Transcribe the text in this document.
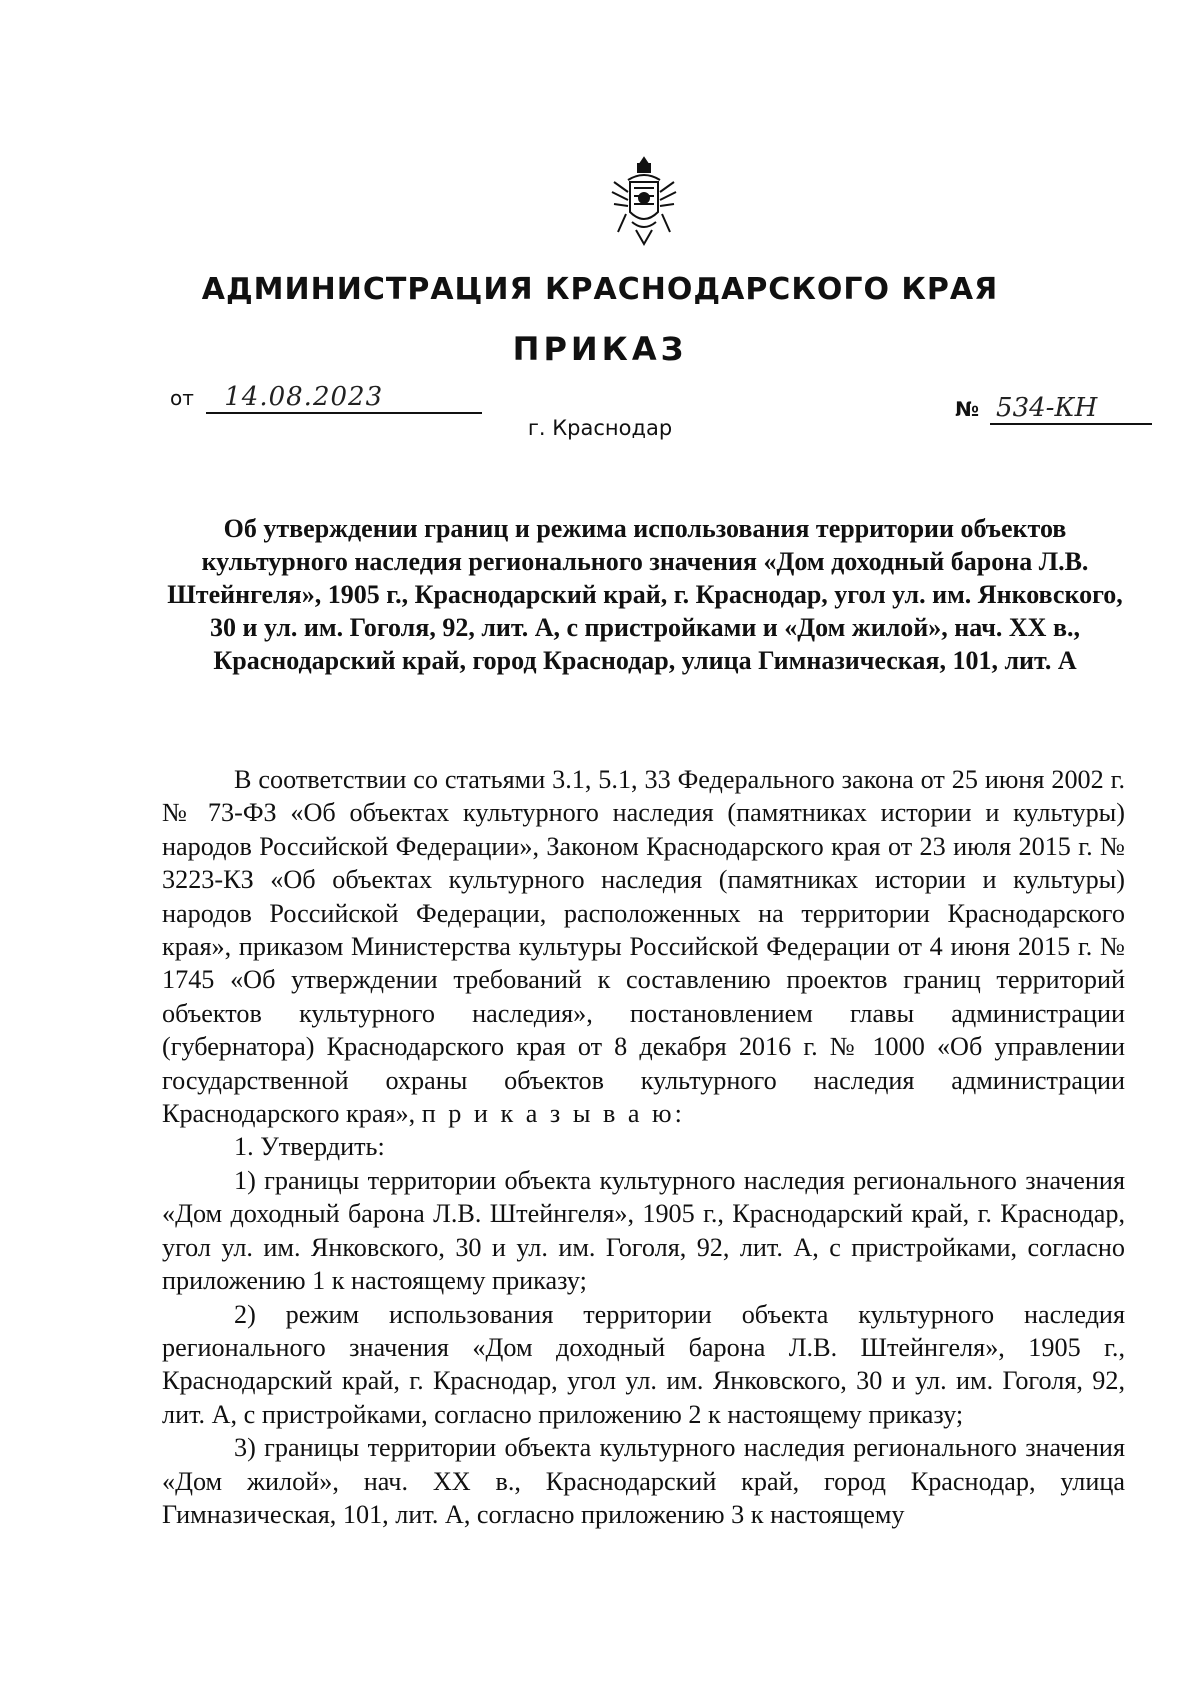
АДМИНИСТРАЦИЯ КРАСНОДАРСКОГО КРАЯ
ПРИКАЗ
от 14.08.2023
г. Краснодар
№ 534-КН
Об утверждении границ и режима использования территории объектов культурного наследия регионального значения «Дом доходный барона Л.В. Штейнгеля», 1905 г., Краснодарский край, г. Краснодар, угол ул. им. Янковского, 30 и ул. им. Гоголя, 92, лит. А, с пристройками и «Дом жилой», нач. XX в., Краснодарский край, город Краснодар, улица Гимназическая, 101, лит. А

В соответствии со статьями 3.1, 5.1, 33 Федерального закона от 25 июня 2002 г. № 73-ФЗ «Об объектах культурного наследия (памятниках истории и культуры) народов Российской Федерации», Законом Краснодарского края от 23 июля 2015 г. № 3223-КЗ «Об объектах культурного наследия (памятниках истории и культуры) народов Российской Федерации, расположенных на территории Краснодарского края», приказом Министерства культуры Российской Федерации от 4 июня 2015 г. № 1745 «Об утверждении требований к составлению проектов границ территорий объектов культурного наследия», постановлением главы администрации (губернатора) Краснодарского края от 8 декабря 2016 г. № 1000 «Об управлении государственной охраны объектов культурного наследия администрации Краснодарского края», п р и к а з ы в а ю:

1. Утвердить:

1) границы территории объекта культурного наследия регионального значения «Дом доходный барона Л.В. Штейнгеля», 1905 г., Краснодарский край, г. Краснодар, угол ул. им. Янковского, 30 и ул. им. Гоголя, 92, лит. А, с пристройками, согласно приложению 1 к настоящему приказу;

2) режим использования территории объекта культурного наследия регионального значения «Дом доходный барона Л.В. Штейнгеля», 1905 г., Краснодарский край, г. Краснодар, угол ул. им. Янковского, 30 и ул. им. Гоголя, 92, лит. А, с пристройками, согласно приложению 2 к настоящему приказу;

3) границы территории объекта культурного наследия регионального значения «Дом жилой», нач. XX в., Краснодарский край, город Краснодар, улица Гимназическая, 101, лит. А, согласно приложению 3 к настоящему
